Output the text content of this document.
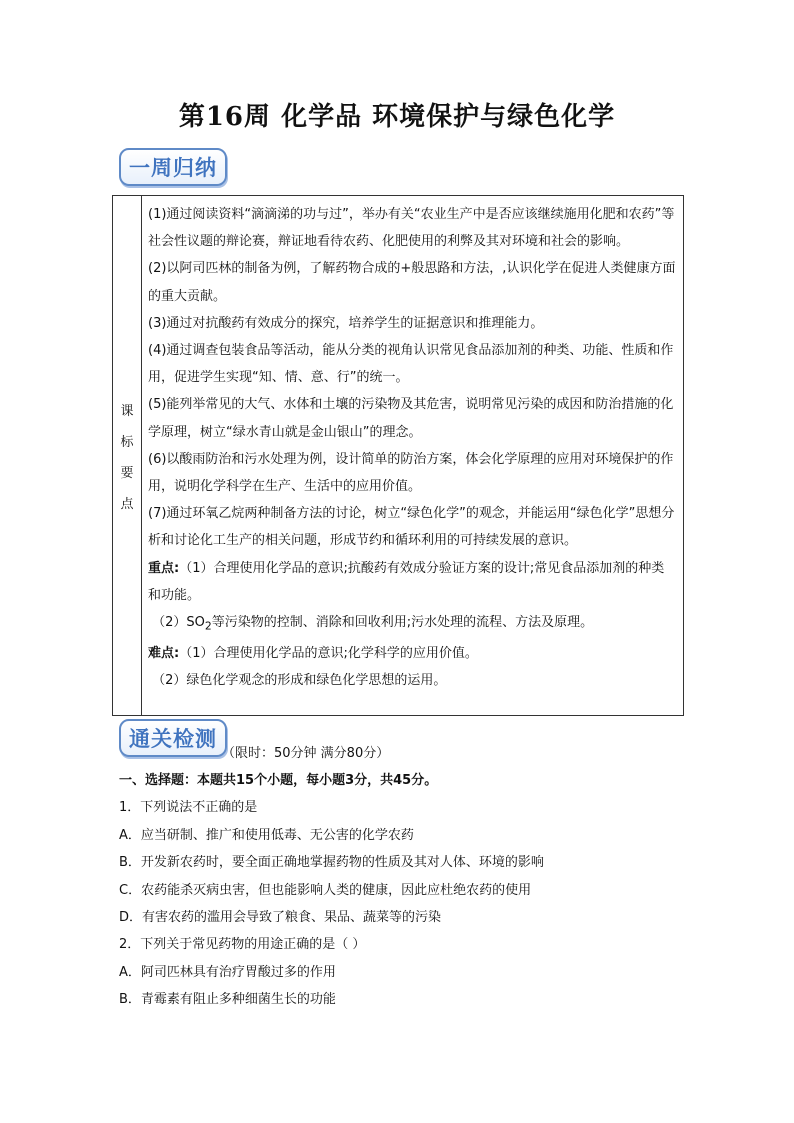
第16周 化学品 环境保护与绿色化学
一周归纳
课
标
要
点

(1)通过阅读资料“滴滴涕的功与过”，举办有关“农业生产中是否应该继续施用化肥和农药”等社会性议题的辩论赛，辩证地看待农药、化肥使用的利弊及其对环境和社会的影响。

(2)以阿司匹林的制备为例，了解药物合成的+般思路和方法，,认识化学在促进人类健康方面的重大贡献。

(3)通过对抗酸药有效成分的探究，培养学生的证据意识和推理能力。

(4)通过调查包装食品等活动，能从分类的视角认识常见食品添加剂的种类、功能、性质和作用，促进学生实现“知、情、意、行”的统一。

(5)能列举常见的大气、水体和土壤的污染物及其危害，说明常见污染的成因和防治措施的化学原理，树立“绿水青山就是金山银山”的理念。

(6)以酸雨防治和污水处理为例，设计简单的防治方案，体会化学原理的应用对环境保护的作用，说明化学科学在生产、生活中的应用价值。

(7)通过环氧乙烷两种制备方法的讨论，树立“绿色化学”的观念，并能运用“绿色化学”思想分析和讨论化工生产的相关问题，形成节约和循环利用的可持续发展的意识。

重点:（1）合理使用化学品的意识;抗酸药有效成分验证方案的设计;常见食品添加剂的种类和功能。

$(2)SO_2$等污染物的控制、消除和回收利用;污水处理的流程、方法及原理。

难点:（1）合理使用化学品的意识;化学科学的应用价值。

（2）绿色化学观念的形成和绿色化学思想的运用。

通关检测
（限时：50分钟 满分80分）

一、选择题：本题共15个小题，每小题3分，共45分。

1．下列说法不正确的是

A．应当研制、推广和使用低毒、无公害的化学农药

B．开发新农药时，要全面正确地掌握药物的性质及其对人体、环境的影响

C．农药能杀灭病虫害，但也能影响人类的健康，因此应杜绝农药的使用

D．有害农药的滥用会导致了粮食、果品、蔬菜等的污染

2．下列关于常见药物的用途正确的是（ ）

A．阿司匹林具有治疗胃酸过多的作用

B．青霉素有阻止多种细菌生长的功能
